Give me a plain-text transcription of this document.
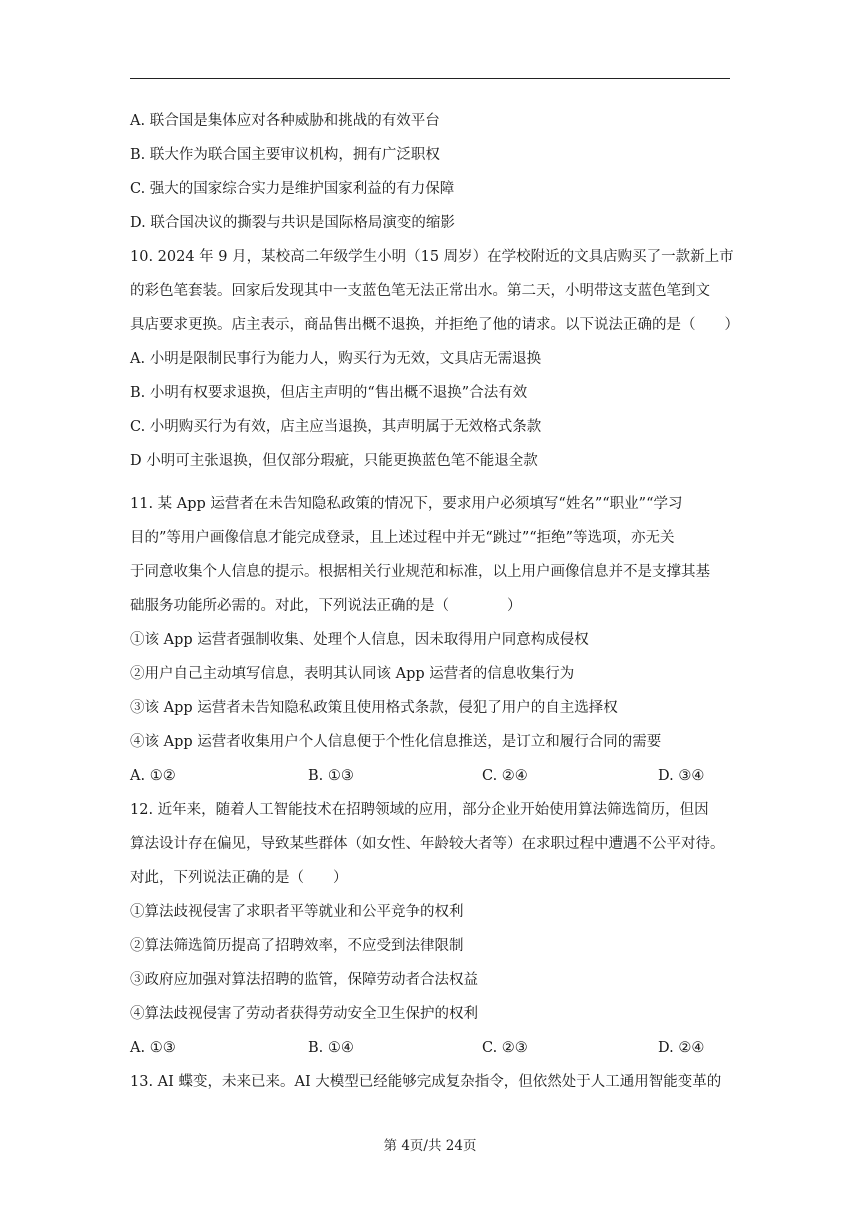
A. 联合国是集体应对各种威胁和挑战的有效平台
B. 联大作为联合国主要审议机构，拥有广泛职权
C. 强大的国家综合实力是维护国家利益的有力保障
D. 联合国决议的撕裂与共识是国际格局演变的缩影
10. 2024 年 9 月，某校高二年级学生小明（15 周岁）在学校附近的文具店购买了一款新上市
的彩色笔套装。回家后发现其中一支蓝色笔无法正常出水。第二天，小明带这支蓝色笔到文
具店要求更换。店主表示，商品售出概不退换，并拒绝了他的请求。以下说法正确的是（　　）
A. 小明是限制民事行为能力人，购买行为无效，文具店无需退换
B. 小明有权要求退换，但店主声明的“售出概不退换”合法有效
C. 小明购买行为有效，店主应当退换，其声明属于无效格式条款
D 小明可主张退换，但仅部分瑕疵，只能更换蓝色笔不能退全款
11. 某 App 运营者在未告知隐私政策的情况下，要求用户必须填写“姓名”“职业”“学习
目的”等用户画像信息才能完成登录，且上述过程中并无“跳过”“拒绝”等选项，亦无关
于同意收集个人信息的提示。根据相关行业规范和标准，以上用户画像信息并不是支撑其基
础服务功能所必需的。对此，下列说法正确的是（　　　　）
①该 App 运营者强制收集、处理个人信息，因未取得用户同意构成侵权
②用户自己主动填写信息，表明其认同该 App 运营者的信息收集行为
③该 App 运营者未告知隐私政策且使用格式条款，侵犯了用户的自主选择权
④该 App 运营者收集用户个人信息便于个性化信息推送，是订立和履行合同的需要
A. ①②	B. ①③	C. ②④	D. ③④
12. 近年来，随着人工智能技术在招聘领域的应用，部分企业开始使用算法筛选简历，但因
算法设计存在偏见，导致某些群体（如女性、年龄较大者等）在求职过程中遭遇不公平对待。
对此，下列说法正确的是（　　）
①算法歧视侵害了求职者平等就业和公平竞争的权利
②算法筛选简历提高了招聘效率，不应受到法律限制
③政府应加强对算法招聘的监管，保障劳动者合法权益
④算法歧视侵害了劳动者获得劳动安全卫生保护的权利
A. ①③	B. ①④	C. ②③	D. ②④
13. AI 蝶变，未来已来。AI 大模型已经能够完成复杂指令，但依然处于人工通用智能变革的
第 4页/共 24页
